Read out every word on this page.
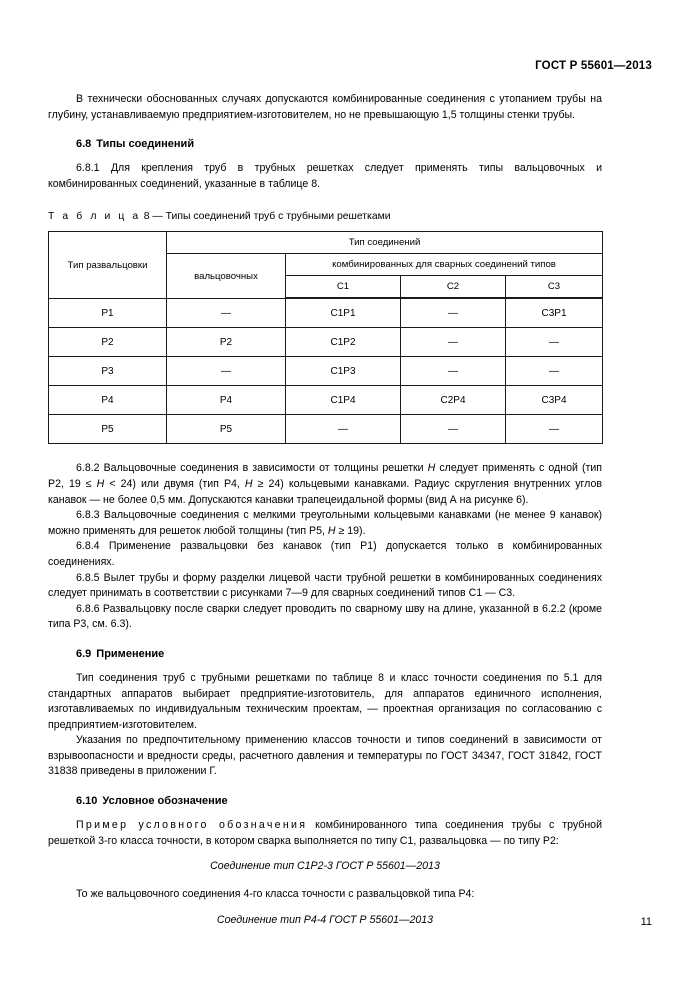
ГОСТ Р 55601—2013

В технически обоснованных случаях допускаются комбинированные соединения с утопанием трубы на глубину, устанавливаемую предприятием-изготовителем, но не превышающую 1,5 толщины стенки трубы.

6.8 Типы соединений

6.8.1 Для крепления труб в трубных решетках следует применять типы вальцовочных и комбинированных соединений, указанные в таблице 8.

Т а б л и ц а 8 — Типы соединений труб с трубными решетками

Тип развальцовки	Тип соединений			
	вальцовочных	комбинированных для сварных соединений типов		
		С1	С2	С3
Р1	—	С1Р1	—	С3Р1
Р2	Р2	С1Р2	—	—
Р3	—	С1Р3	—	—
Р4	Р4	С1Р4	С2Р4	С3Р4
Р5	Р5	—	—	—

6.8.2 Вальцовочные соединения в зависимости от толщины решетки H следует применять с одной (тип Р2, 19 ≤ H < 24) или двумя (тип Р4, H ≥ 24) кольцевыми канавками. Радиус скругления внутренних углов канавок — не более 0,5 мм. Допускаются канавки трапецеидальной формы (вид А на рисунке 6).

6.8.3 Вальцовочные соединения с мелкими треугольными кольцевыми канавками (не менее 9 канавок) можно применять для решеток любой толщины (тип Р5, H ≥ 19).

6.8.4 Применение развальцовки без канавок (тип Р1) допускается только в комбинированных соединениях.

6.8.5 Вылет трубы и форму разделки лицевой части трубной решетки в комбинированных соединениях следует принимать в соответствии с рисунками 7—9 для сварных соединений типов С1 — С3.

6.8.6 Развальцовку после сварки следует проводить по сварному шву на длине, указанной в 6.2.2 (кроме типа Р3, см. 6.3).

6.9 Применение

Тип соединения труб с трубными решетками по таблице 8 и класс точности соединения по 5.1 для стандартных аппаратов выбирает предприятие-изготовитель, для аппаратов единичного исполнения, изготавливаемых по индивидуальным техническим проектам, — проектная организация по согласованию с предприятием-изготовителем.

Указания по предпочтительному применению классов точности и типов соединений в зависимости от взрывоопасности и вредности среды, расчетного давления и температуры по ГОСТ 34347, ГОСТ 31842, ГОСТ 31838 приведены в приложении Г.

6.10 Условное обозначение

Пример условного обозначения комбинированного типа соединения трубы с трубной решеткой 3-го класса точности, в котором сварка выполняется по типу С1, развальцовка — по типу Р2:

Соединение тип С1Р2-3 ГОСТ Р 55601—2013

То же вальцовочного соединения 4-го класса точности с развальцовкой типа Р4:

Соединение тип Р4-4 ГОСТ Р 55601—2013	11
